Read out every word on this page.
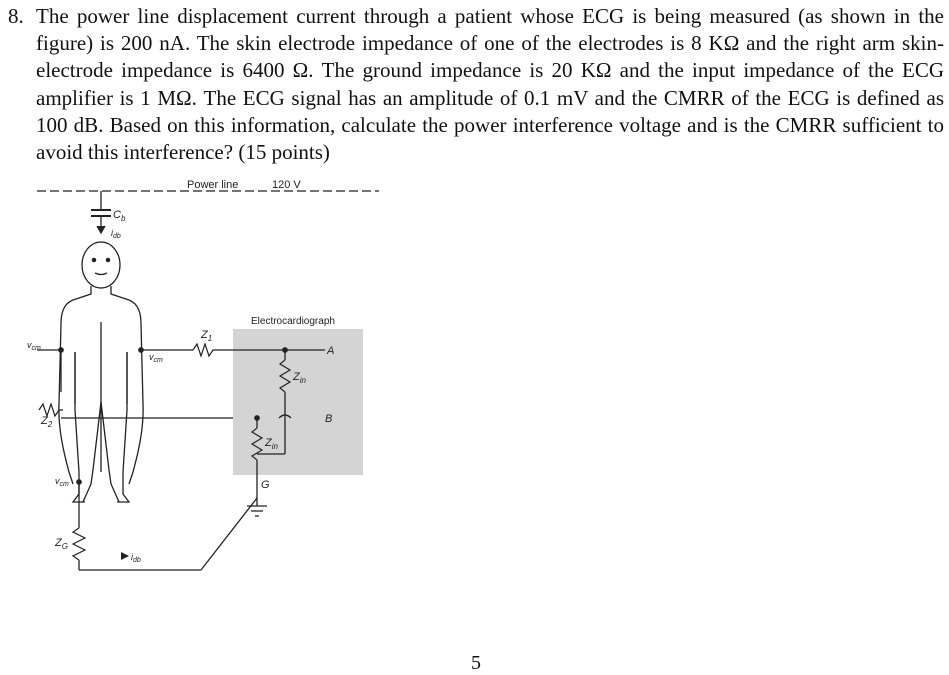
8. The power line displacement current through a patient whose ECG is being measured (as shown in the figure) is 200 nA. The skin electrode impedance of one of the electrodes is 8 KΩ and the right arm skin-electrode impedance is 6400 Ω. The ground impedance is 20 KΩ and the input impedance of the ECG amplifier is 1 MΩ. The ECG signal has an amplitude of 0.1 mV and the CMRR of the ECG is defined as 100 dB. Based on this information, calculate the power interference voltage and is the CMRR sufficient to avoid this interference? (15 points)
Power line	120 V
$C_b$
$i_{db}$
$v_{cm}$
$v_{cm}$
$v_{cm}$
$Z_1$
$Z_2$
$Z_G$
$i_{db}$
Electrocardiograph
$Z_{in}$
$Z_{in}$
A
B
G
5
